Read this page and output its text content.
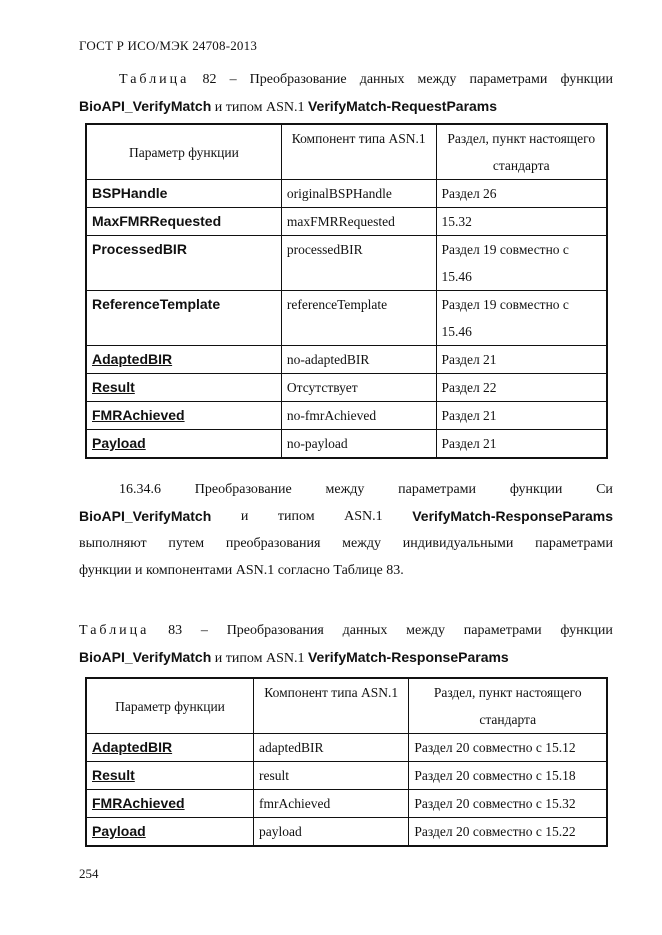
ГОСТ Р ИСО/МЭК 24708-2013
Таблица 82 – Преобразование данных между параметрами функции
BioAPI_VerifyMatch и типом ASN.1 VerifyMatch-RequestParams
Параметр функции	Компонент типа ASN.1	Раздел, пункт настоящего стандарта
BSPHandle	originalBSPHandle	Раздел 26
MaxFMRRequested	maxFMRRequested	15.32
ProcessedBIR	processedBIR	Раздел 19 совместно с 15.46
ReferenceTemplate	referenceTemplate	Раздел 19 совместно с 15.46
AdaptedBIR	no-adaptedBIR	Раздел 21
Result	Отсутствует	Раздел 22
FMRAchieved	no-fmrAchieved	Раздел 21
Payload	no-payload	Раздел 21
16.34.6 Преобразование между параметрами функции Си
BioAPI_VerifyMatch и типом ASN.1 VerifyMatch-ResponseParams
выполняют путем преобразования между индивидуальными параметрами
функции и компонентами ASN.1 согласно Таблице 83.
Таблица 83 – Преобразования данных между параметрами функции
BioAPI_VerifyMatch и типом ASN.1 VerifyMatch-ResponseParams
Параметр функции	Компонент типа ASN.1	Раздел, пункт настоящего стандарта
AdaptedBIR	adaptedBIR	Раздел 20 совместно с 15.12
Result	result	Раздел 20 совместно с 15.18
FMRAchieved	fmrAchieved	Раздел 20 совместно с 15.32
Payload	payload	Раздел 20 совместно с 15.22
254
